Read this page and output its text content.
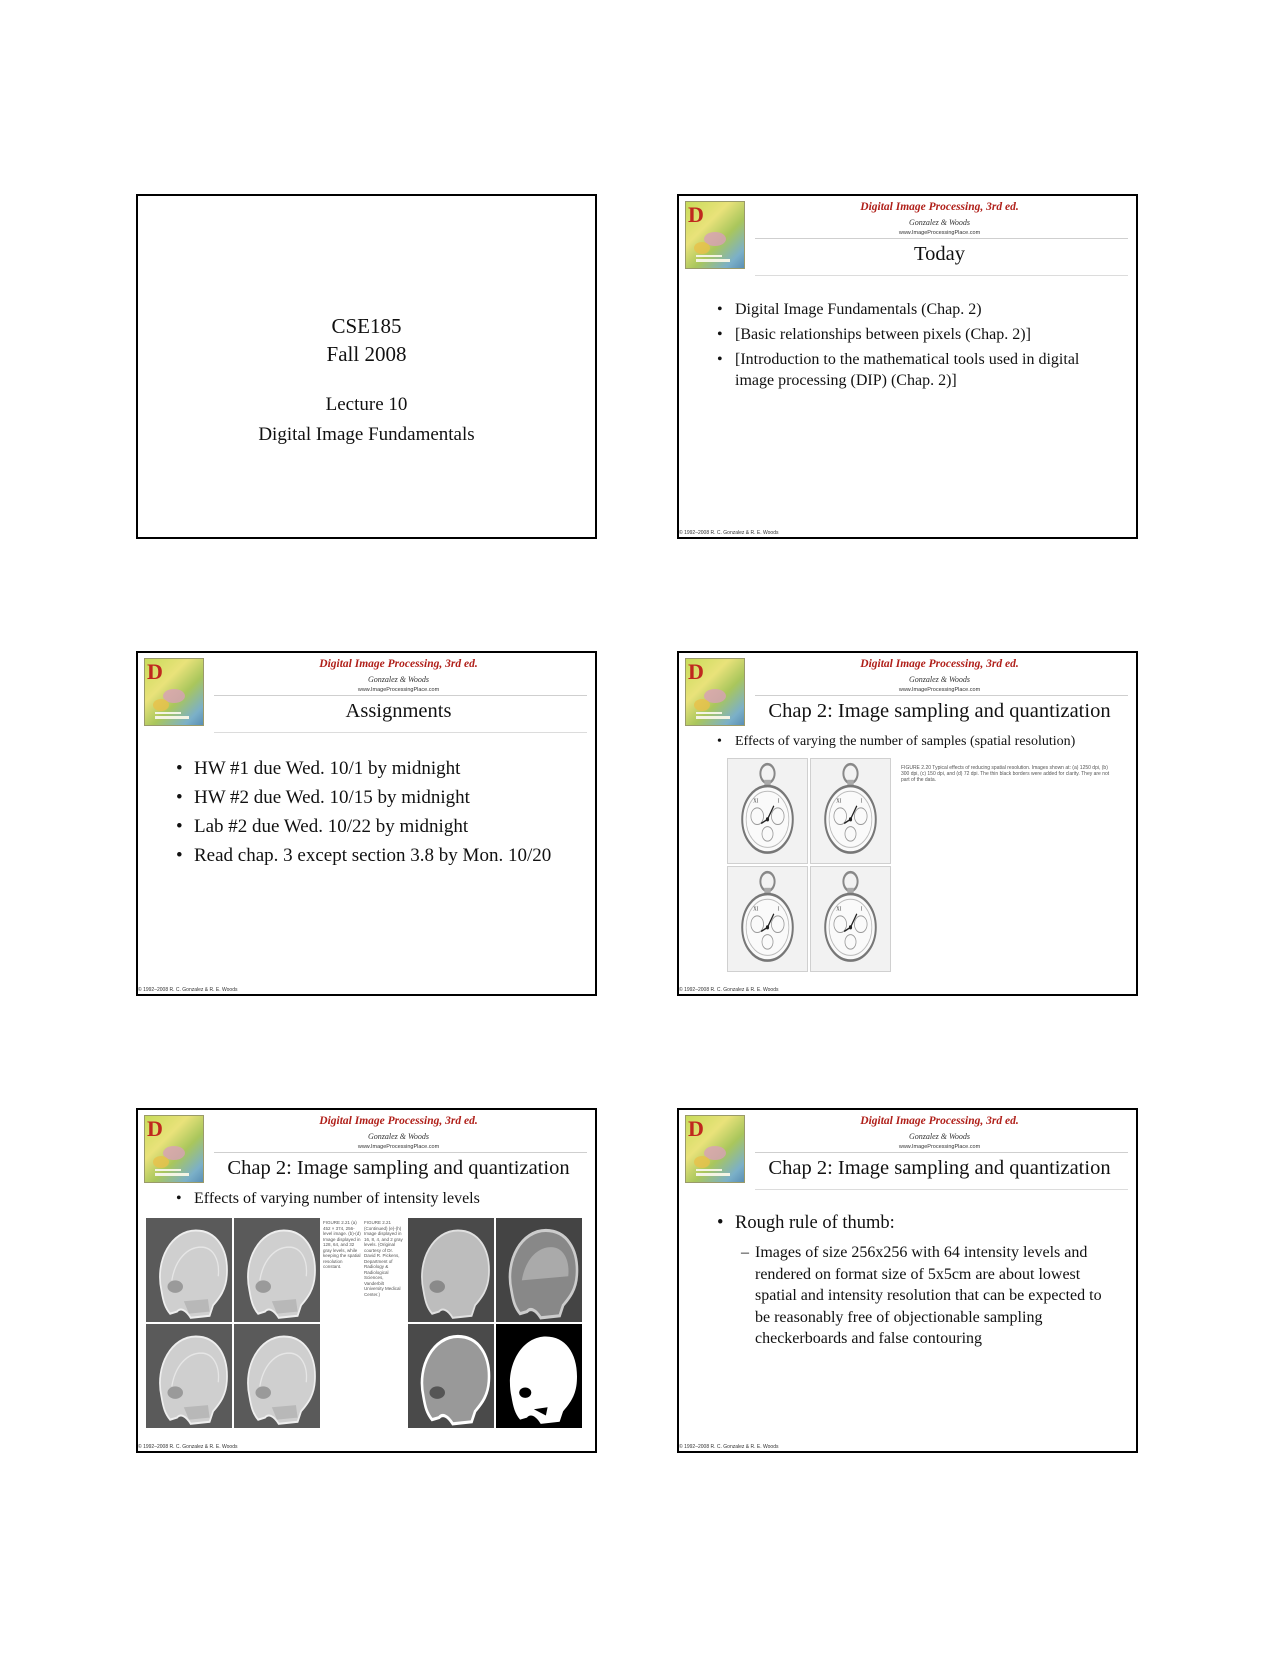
CSE185
Fall 2008
Lecture 10
Digital Image Fundamentals
D	Digital Image Processing, 3rd ed.
Gonzalez & Woods
www.ImageProcessingPlace.com
Today
• Digital Image Fundamentals (Chap. 2)
• [Basic relationships between pixels (Chap. 2)]
• [Introduction to the mathematical tools used in digital image processing (DIP) (Chap. 2)]
© 1992–2008 R. C. Gonzalez & R. E. Woods
D	Digital Image Processing, 3rd ed.
Gonzalez & Woods
www.ImageProcessingPlace.com
Assignments
• HW #1 due Wed. 10/1 by midnight
• HW #2 due Wed. 10/15 by midnight
• Lab #2 due Wed. 10/22 by midnight
• Read chap. 3 except section 3.8 by Mon. 10/20
© 1992–2008 R. C. Gonzalez & R. E. Woods
D	Digital Image Processing, 3rd ed.
Gonzalez & Woods
www.ImageProcessingPlace.com
Chap 2: Image sampling and quantization
• Effects of varying the number of samples (spatial resolution)
FIGURE 2.20 Typical effects of reducing spatial resolution. Images shown at: (a) 1250 dpi, (b) 300 dpi, (c) 150 dpi, and (d) 72 dpi. The thin black borders were added for clarity. They are not part of the data.
© 1992–2008 R. C. Gonzalez & R. E. Woods
D	Digital Image Processing, 3rd ed.
Gonzalez & Woods
www.ImageProcessingPlace.com
Chap 2: Image sampling and quantization
• Effects of varying number of intensity levels
FIGURE 2.21 (a) 452 × 374, 256-level image. (b)-(d) Image displayed in 128, 64, and 32 gray levels, while keeping the spatial resolution constant.
FIGURE 2.21 (Continued) (e)-(h) Image displayed in 16, 8, 4, and 2 gray levels. (Original courtesy of Dr. David R. Pickens, Department of Radiology & Radiological Sciences, Vanderbilt University Medical Center.)
© 1992–2008 R. C. Gonzalez & R. E. Woods
D	Digital Image Processing, 3rd ed.
Gonzalez & Woods
www.ImageProcessingPlace.com
Chap 2: Image sampling and quantization
• Rough rule of thumb:
– Images of size 256x256 with 64 intensity levels and rendered on format size of 5x5cm are about lowest spatial and intensity resolution that can be expected to be reasonably free of objectionable sampling checkerboards and false contouring
© 1992–2008 R. C. Gonzalez & R. E. Woods
